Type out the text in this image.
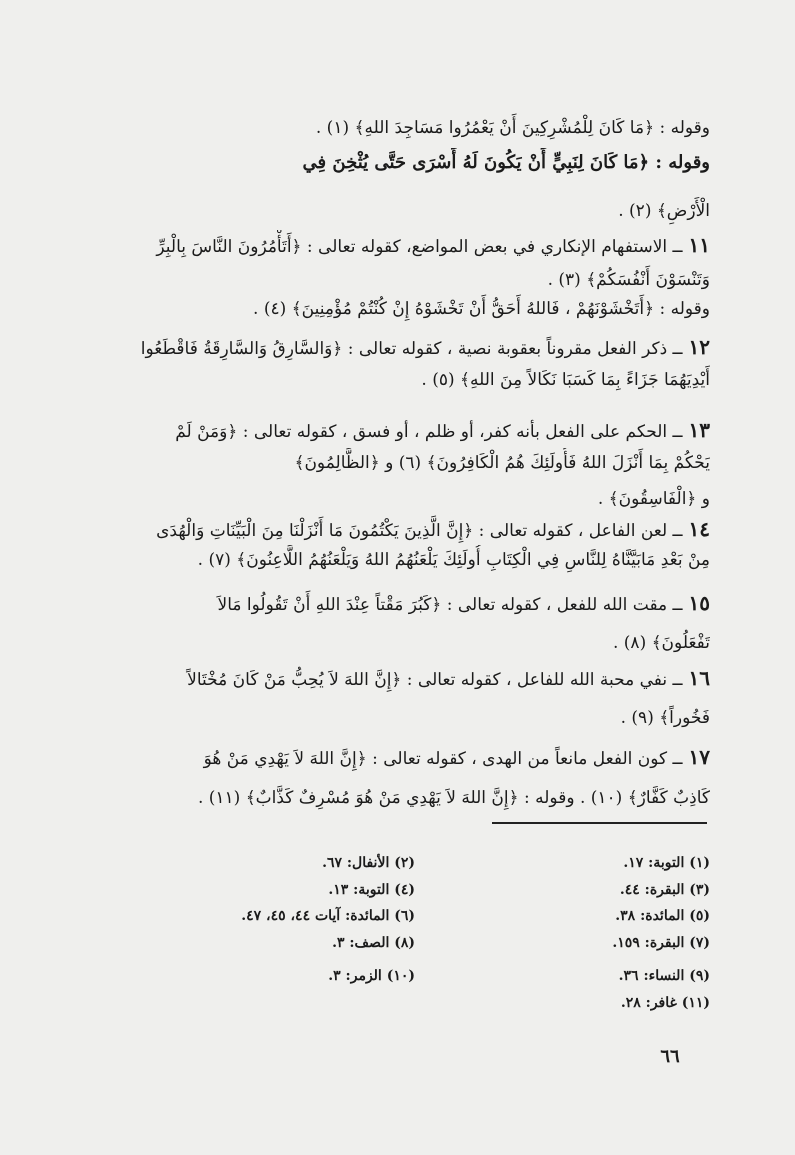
وقوله : ﴿مَا كَانَ لِلْمُشْرِكِينَ أَنْ يَعْمُرُوا مَسَاجِدَ اللهِ﴾ (١) .
وقوله : ﴿مَا كَانَ لِنَبِيٍّ أَنْ يَكُونَ لَهُ أَسْرَى حَتَّى يُثْخِنَ فِي
الْأَرْضِ﴾ (٢) .
١١ــ الاستفهام الإنكاري في بعض المواضع، كقوله تعالى : ﴿أَتَأْمُرُونَ النَّاسَ بِالْبِرِّ
وَتَنْسَوْنَ أَنْفُسَكُمْ﴾ (٣) .
وقوله : ﴿أَتَخْشَوْنَهُمْ ، فَاللهُ أَحَقُّ أَنْ تَخْشَوْهُ إِنْ كُنْتُمْ مُؤْمِنِينَ﴾ (٤) .
١٢ــ ذكر الفعل مقروناً بعقوبة نصية ، كقوله تعالى : ﴿وَالسَّارِقُ وَالسَّارِقَةُ فَاقْطَعُوا
أَيْدِيَهُمَا جَزَاءً بِمَا كَسَبَا نَكَالاً مِنَ اللهِ﴾ (٥) .
١٣ــ الحكم على الفعل بأنه كفر، أو ظلم ، أو فسق ، كقوله تعالى : ﴿وَمَنْ لَمْ
يَحْكُمْ بِمَا أَنْزَلَ اللهُ فَأُولَئِكَ هُمُ الْكَافِرُونَ﴾ (٦) و ﴿الظَّالِمُونَ﴾
و ﴿الْفَاسِقُونَ﴾ .
١٤ــ لعن الفاعل ، كقوله تعالى : ﴿إِنَّ الَّذِينَ يَكْتُمُونَ مَا أَنْزَلْنَا مِنَ الْبَيِّنَاتِ وَالْهُدَى
مِنْ بَعْدِ مَابَيَّنَّاهُ لِلنَّاسِ فِي الْكِتَابِ أُولَئِكَ يَلْعَنُهُمُ اللهُ وَيَلْعَنُهُمُ اللَّاعِنُونَ﴾ (٧) .
١٥ــ مقت الله للفعل ، كقوله تعالى : ﴿كَبُرَ مَقْتاً عِنْدَ اللهِ أَنْ تَقُولُوا مَالاَ
تَفْعَلُونَ﴾ (٨) .
١٦ــ نفي محبة الله للفاعل ، كقوله تعالى : ﴿إِنَّ اللهَ لاَ يُحِبُّ مَنْ كَانَ مُخْتَالاً
فَخُوراً﴾ (٩) .
١٧ــ كون الفعل مانعاً من الهدى ، كقوله تعالى : ﴿إِنَّ اللهَ لاَ يَهْدِي مَنْ هُوَ
كَاذِبٌ كَفَّارٌ﴾ (١٠) . وقوله : ﴿إِنَّ اللهَ لاَ يَهْدِي مَنْ هُوَ مُسْرِفٌ كَذَّابٌ﴾ (١١) .
(١) التوبة: ١٧.
(٣) البقرة: ٤٤.
(٥) المائدة: ٣٨.
(٧) البقرة: ١٥٩.
(٩) النساء: ٣٦.
(١١) غافر: ٢٨.
(٢) الأنفال: ٦٧.
(٤) التوبة: ١٣.
(٦) المائدة: آيات ٤٤، ٤٥، ٤٧.
(٨) الصف: ٣.
(١٠) الزمر: ٣.
٦٦
